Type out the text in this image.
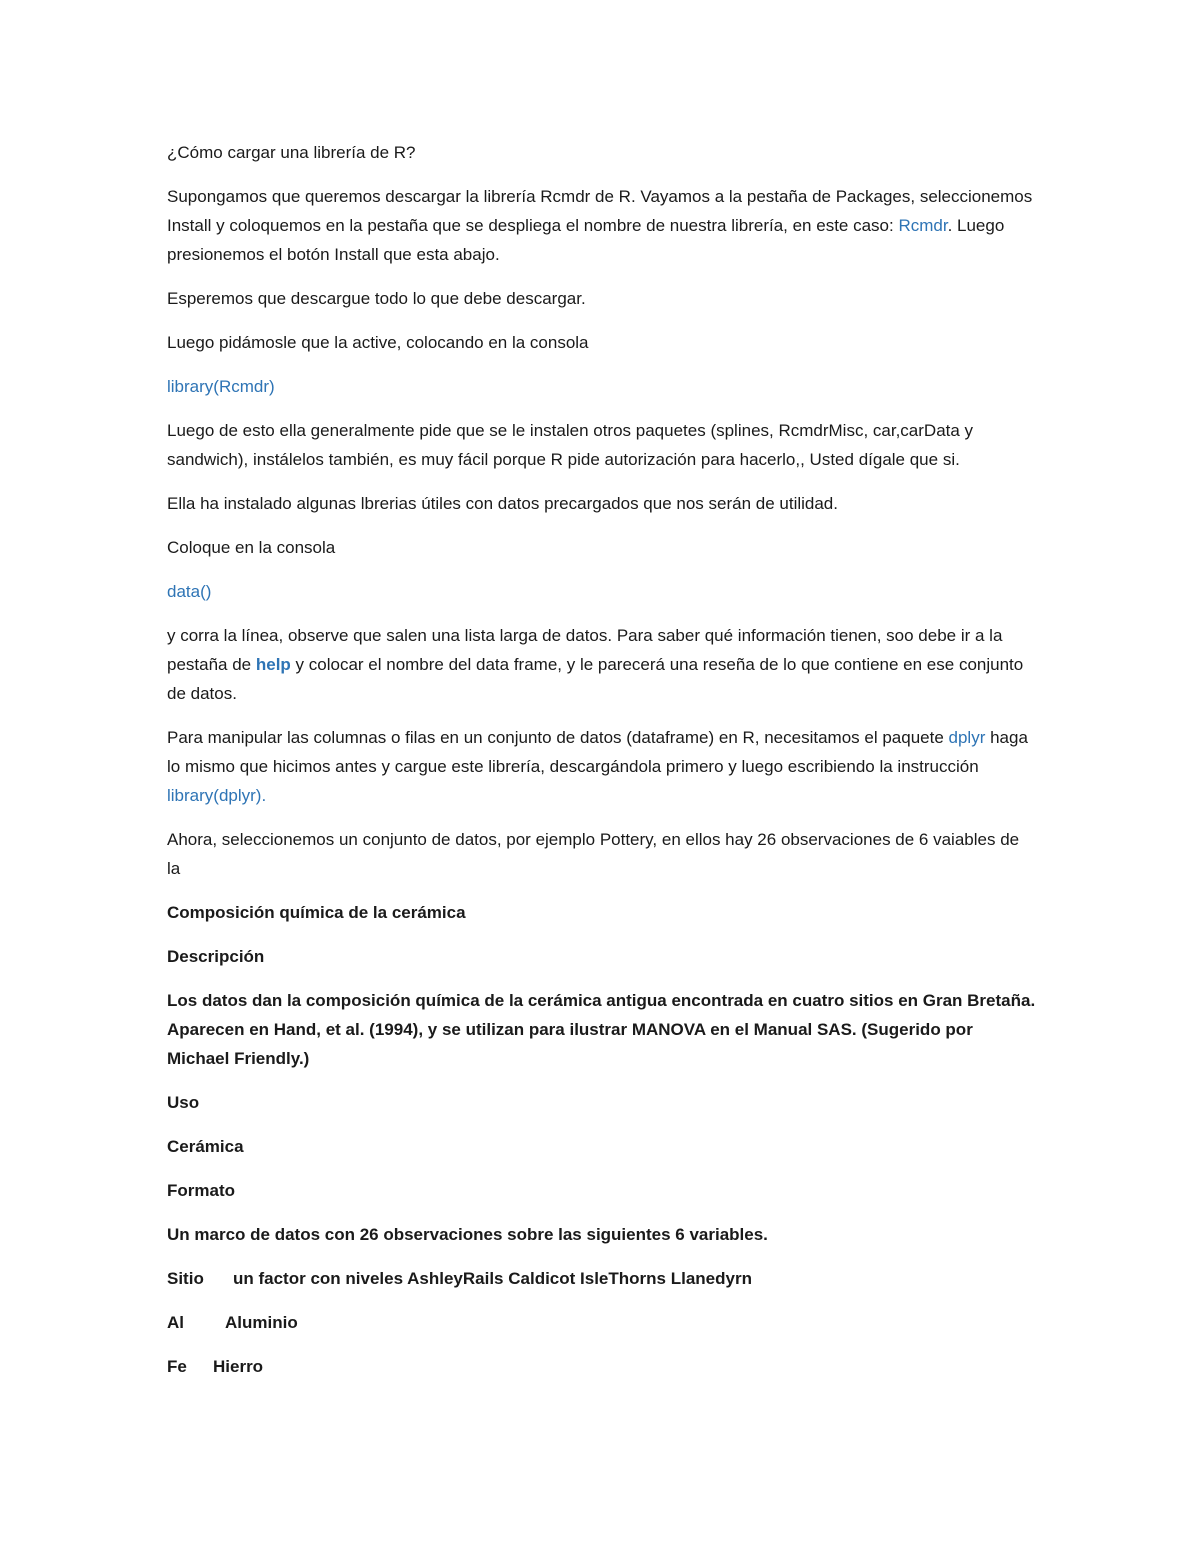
¿Cómo cargar una librería de R?

Supongamos que queremos descargar la librería Rcmdr de R. Vayamos a la pestaña de Packages, seleccionemos Install y coloquemos en la pestaña que se despliega el nombre de nuestra librería, en este caso: Rcmdr. Luego presionemos el botón Install que esta abajo.

Esperemos que descargue todo lo que debe descargar.

Luego pidámosle que la active, colocando en la consola

library(Rcmdr)

Luego de esto ella generalmente pide que se le instalen otros paquetes (splines, RcmdrMisc, car,carData y sandwich), instálelos también, es muy fácil porque R pide autorización para hacerlo,, Usted dígale que si.

Ella ha instalado algunas lbrerias útiles con datos precargados que nos serán de utilidad.

Coloque en la consola

data()

y corra la línea, observe que salen una lista larga de datos. Para saber qué información tienen, soo debe ir a la pestaña de help y colocar el nombre del data frame, y le parecerá una reseña de lo que contiene en ese conjunto de datos.

Para manipular las columnas o filas en un conjunto de datos (dataframe) en R, necesitamos el paquete dplyr haga lo mismo que hicimos antes y cargue este librería, descargándola primero y luego escribiendo la instrucción library(dplyr).

Ahora, seleccionemos un conjunto de datos, por ejemplo Pottery, en ellos hay 26 observaciones de 6 vaiables de la

Composición química de la cerámica

Descripción

Los datos dan la composición química de la cerámica antigua encontrada en cuatro sitios en Gran Bretaña. Aparecen en Hand, et al. (1994), y se utilizan para ilustrar MANOVA en el Manual SAS. (Sugerido por Michael Friendly.)

Uso

Cerámica

Formato

Un marco de datos con 26 observaciones sobre las siguientes 6 variables.

Sitio un factor con niveles AshleyRails Caldicot IsleThorns Llanedyrn

Al Aluminio

Fe Hierro
